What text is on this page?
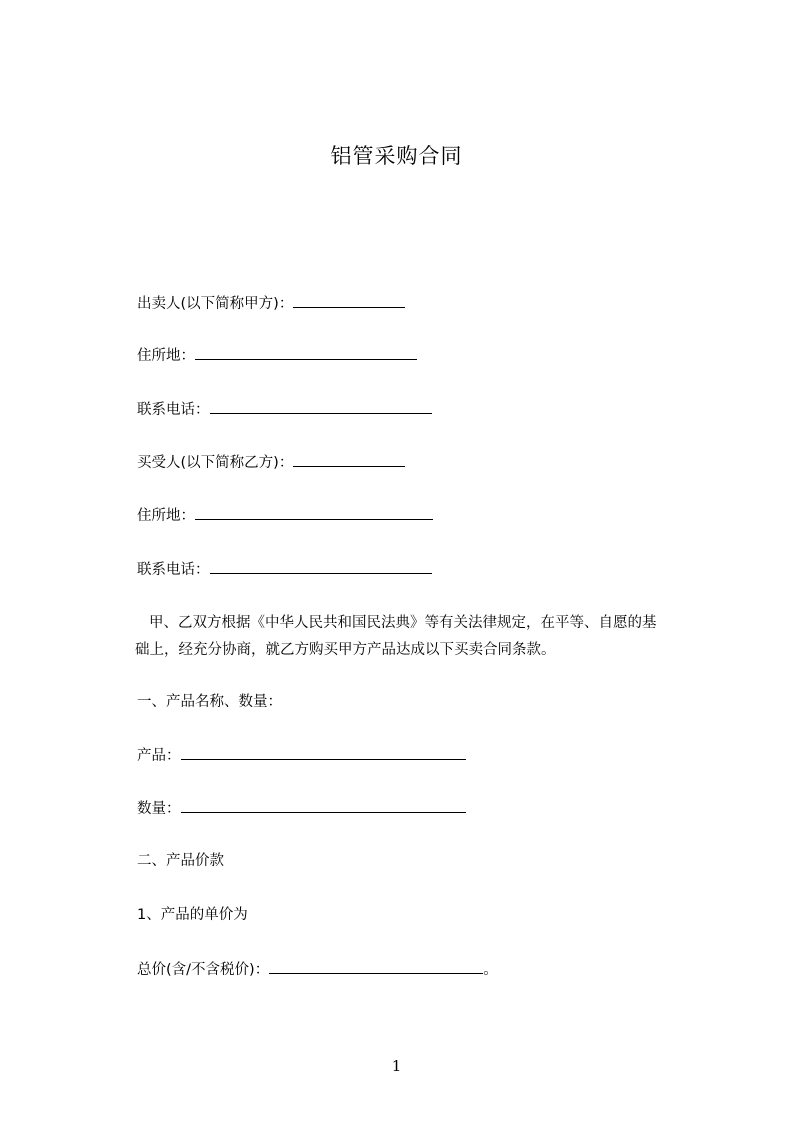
铝管采购合同
出卖人(以下简称甲方)：
住所地：
联系电话：
买受人(以下简称乙方)：
住所地：
联系电话：
甲、乙双方根据《中华人民共和国民法典》等有关法律规定，在平等、自愿的基
础上，经充分协商，就乙方购买甲方产品达成以下买卖合同条款。
一、产品名称、数量：
产品：
数量：
二、产品价款
1、产品的单价为
总价(含/不含税价)：	。
1
